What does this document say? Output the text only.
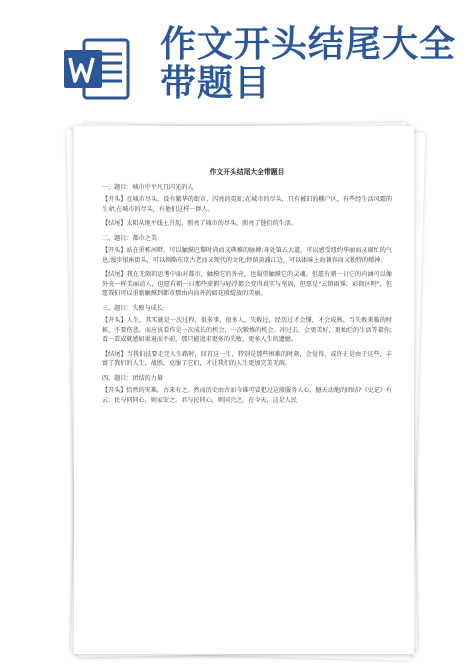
作文开头结尾大全
带题目
作文开头结尾大全带题目
一、题目：城市中平凡且闪光的人

【开头】在城市尽头，没有繁华的街市，闪亮的霓虹;在城市的尽头，只有被旧的棚户区，有些经生活风霜的生命;在城市的尽头，有他们这样一群人。

【结尾】太阳从地平线上升起，照亮了城市的尽头，照亮了他们的生活。

二、题目：都市之美

【开头】站在重栋河畔，可以触摸巴黎时尚而又典雅的脉搏;身处第五大道，可以感受纽约华丽而又闹忙的气息;漫步银座街头，可以领略东京古老而又现代的文化;停留黄浦江边，可以体味上海兼容而又独特的精神。

【结尾】我在无限的思考中面对都市，触摸它的外壳，也渴望触摸它的灵魂。但愿有朝一日它的内涵可以像外壳一样美丽动人，但愿有朝一日那些虚假与轻浮都会变得真实与坚固，但愿是"云销雨霁，彩彻区明"，但愿我们可以重新触摸到都市那由内而外的如花般绽放的美丽。

三、题目：失败与成长

【开头】人生，其实就是一次过程，很多事，很多人，失败过，经历过才会懂，才会成熟。当失败来临的时候，不要伤悲，而应该看作是一次成长的机会，一次锻炼的机会。冲过去，会更美好，更灿烂的生活等着你;看一看成就感如果退而不前，那只能追求更多的失败，更多人生的遗憾。

【结尾】当我们扶要走完人生路时，回首这一生，特别是那些困难的时刻，会觉得，或许正是由于这些，丰富了我们的人生，战胜，克服了它们，才让我们的人生更加完美无瑕。

四、题目：团结的力量

【开头】恰然的灾难，古来有之。然而历史由古而今谁可冒犯过这般服务人心，撼天动地的团结?《史记》有云：民与同同心，则家安之。君与民同心，则国兴之。在今天，这是人民
